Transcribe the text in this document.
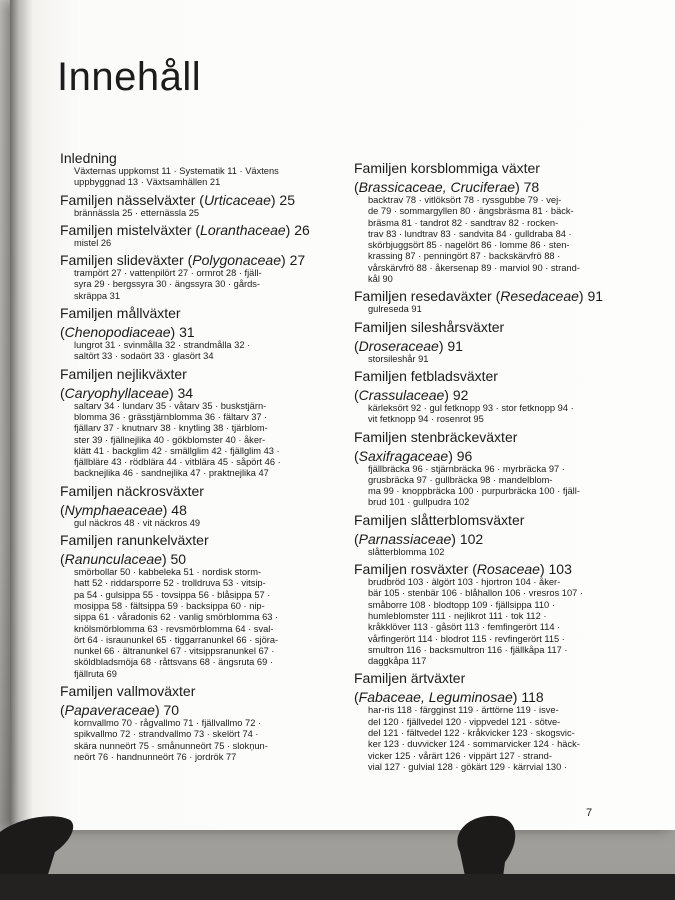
Innehåll
Inledning
Växternas uppkomst 11 · Systematik 11 · Växtens
uppbyggnad 13 · Växtsamhällen 21
Familjen nässelväxter (Urticaceae) 25
brännässla 25 · etternässla 25
Familjen mistelväxter (Loranthaceae) 26
mistel 26
Familjen slideväxter (Polygonaceae) 27
trampört 27 · vattenpilört 27 · ormrot 28 · fjäll-
syra 29 · bergssyra 30 · ängssyra 30 · gårds-
skräppa 31
Familjen mållväxter
(Chenopodiaceae) 31
lungrot 31 · svinmålla 32 · strandmålla 32 ·
saltört 33 · sodaört 33 · glasört 34
Familjen nejlikväxter
(Caryophyllaceae) 34
saltarv 34 · lundarv 35 · våtarv 35 · buskstjärn-
blomma 36 · grässtjärnblomma 36 · fältarv 37 ·
fjällarv 37 · knutnarv 38 · knytling 38 · tjärblom-
ster 39 · fjällnejlika 40 · gökblomster 40 · åker-
klätt 41 · backglim 42 · smällglim 42 · fjällglim 43 ·
fjällbläre 43 · rödblära 44 · vitblära 45 · såpört 46 ·
backnejlika 46 · sandnejlika 47 · praktnejlika 47
Familjen näckrosväxter
(Nymphaeaceae) 48
gul näckros 48 · vit näckros 49
Familjen ranunkelväxter
(Ranunculaceae) 50
smörbollar 50 · kabbeleka 51 · nordisk storm-
hatt 52 · riddarsporre 52 · trolldruva 53 · vitsip-
pa 54 · gulsippa 55 · tovsippa 56 · blåsippa 57 ·
mosippa 58 · fältsippa 59 · backsippa 60 · nip-
sippa 61 · våradonis 62 · vanlig smörblomma 63 ·
knölsmörblomma 63 · revsmörblomma 64 · sval-
ört 64 · israununkel 65 · tiggarranunkel 66 · sjöra-
nunkel 66 · ältranunkel 67 · vitsippsranunkel 67 ·
sköldbladsmöja 68 · råttsvans 68 · ängsruta 69 ·
fjällruta 69
Familjen vallmoväxter
(Papaveraceae) 70
kornvallmo 70 · rågvallmo 71 · fjällvallmo 72 ·
spikvallmo 72 · strandvallmo 73 · skelört 74 ·
skära nunneört 75 · smånunneört 75 · slokņun-
neört 76 · handnunneört 76 · jordrök 77
Familjen korsblommiga växter
(Brassicaceae, Cruciferae) 78
backtrav 78 · vitlöksört 78 · ryssgubbe 79 · vej-
de 79 · sommargyllen 80 · ängsbräsma 81 · bäck-
bräsma 81 · tandrot 82 · sandtrav 82 · rocken-
trav 83 · lundtrav 83 · sandvita 84 · gulldraba 84 ·
skörbjuggsört 85 · nagelört 86 · lomme 86 · sten-
krassing 87 · penningört 87 · backskärvfrö 88 ·
vårskärvfrö 88 · åkersenap 89 · marviol 90 · strand-
kål 90
Familjen resedaväxter (Resedaceae) 91
gulreseda 91
Familjen sileshårsväxter
(Droseraceae) 91
storsileshår 91
Familjen fetbladsväxter
(Crassulaceae) 92
kärleksört 92 · gul fetknopp 93 · stor fetknopp 94 ·
vit fetknopp 94 · rosenrot 95
Familjen stenbräckeväxter
(Saxifragaceae) 96
fjällbräcka 96 · stjärnbräcka 96 · myrbräcka 97 ·
grusbräcka 97 · gullbräcka 98 · mandelblom-
ma 99 · knoppbräcka 100 · purpurbräcka 100 · fjäll-
brud 101 · gullpudra 102
Familjen slåtterblomsväxter
(Parnassiaceae) 102
slåtterblomma 102
Familjen rosväxter (Rosaceae) 103
brudbröd 103 · älgört 103 · hjortron 104 · åker-
bär 105 · stenbär 106 · blåhallon 106 · vresros 107 ·
småborre 108 · blodtopp 109 · fjällsippa 110 ·
humleblomster 111 · nejlikrot 111 · tok 112 ·
kråkklöver 113 · gåsört 113 · femfingerört 114 ·
vårfingerört 114 · blodrot 115 · revfingerört 115 ·
smultron 116 · backsmultron 116 · fjällkåpa 117 ·
daggkåpa 117
Familjen ärtväxter
(Fabaceae, Leguminosae) 118
har-ris 118 · färgginst 119 · ärttörne 119 · isve-
del 120 · fjällvedel 120 · vippvedel 121 · sötve-
del 121 · fältvedel 122 · kråkvicker 123 · skogsvic-
ker 123 · duvvicker 124 · sommarvicker 124 · häck-
vicker 125 · vårärt 126 · vippärt 127 · strand-
vial 127 · gulvial 128 · gökärt 129 · kärrvial 130 ·
7
